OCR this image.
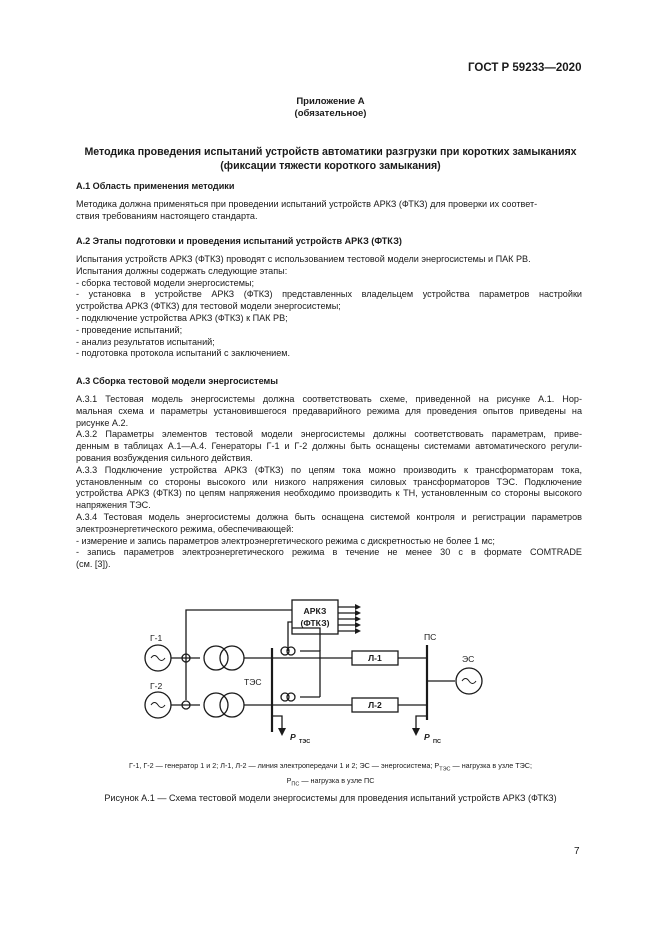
ГОСТ Р 59233—2020
Приложение А
(обязательное)
Методика проведения испытаний устройств автоматики разгрузки при коротких замыканиях
(фиксации тяжести короткого замыкания)
А.1 Область применения методики
Методика должна применяться при проведении испытаний устройств АРКЗ (ФТКЗ) для проверки их соответ-
ствия требованиям настоящего стандарта.
А.2 Этапы подготовки и проведения испытаний устройств АРКЗ (ФТКЗ)
Испытания устройств АРКЗ (ФТКЗ) проводят с использованием тестовой модели энергосистемы и ПАК РВ.
Испытания должны содержать следующие этапы:
- сборка тестовой модели энергосистемы;
- установка в устройстве АРКЗ (ФТКЗ) представленных владельцем устройства параметров настройки
устройства АРКЗ (ФТКЗ) для тестовой модели энергосистемы;
- подключение устройства АРКЗ (ФТКЗ) к ПАК РВ;
- проведение испытаний;
- анализ результатов испытаний;
- подготовка протокола испытаний с заключением.
А.3 Сборка тестовой модели энергосистемы
А.3.1 Тестовая модель энергосистемы должна соответствовать схеме, приведенной на рисунке А.1. Нор-
мальная схема и параметры установившегося предаварийного режима для проведения опытов приведены на
рисунке А.2.
А.3.2 Параметры элементов тестовой модели энергосистемы должны соответствовать параметрам, приве-
денным в таблицах А.1—А.4. Генераторы Г-1 и Г-2 должны быть оснащены системами автоматического регули-
рования возбуждения сильного действия.
А.3.3 Подключение устройства АРКЗ (ФТКЗ) по цепям тока можно производить к трансформаторам тока,
установленным со стороны высокого или низкого напряжения силовых трансформаторов ТЭС. Подключение
устройства АРКЗ (ФТКЗ) по цепям напряжения необходимо производить к ТН, установленным со стороны высокого
напряжения ТЭС.
А.3.4 Тестовая модель энергосистемы должна быть оснащена системой контроля и регистрации параметров
электроэнергетического режима, обеспечивающей:
- измерение и запись параметров электроэнергетического режима с дискретностью не более 1 мс;
- запись параметров электроэнергетического режима в течение не менее 30 с в формате COMTRADE
(см. [3]).
АРКЗ
(ФТКЗ)
Л-1
Л-2
Г-1
Г-2	ТЭС
ПС
ЭС
P ТЭС	P ПС
Г-1, Г-2 — генератор 1 и 2; Л-1, Л-2 — линия электропередачи 1 и 2; ЭС — энергосистема; $P_{ТЭС}$ — нагрузка в узле ТЭС;
$P_{ПС}$ — нагрузка в узле ПС
Рисунок А.1 — Схема тестовой модели энергосистемы для проведения испытаний устройств АРКЗ (ФТКЗ)
7
